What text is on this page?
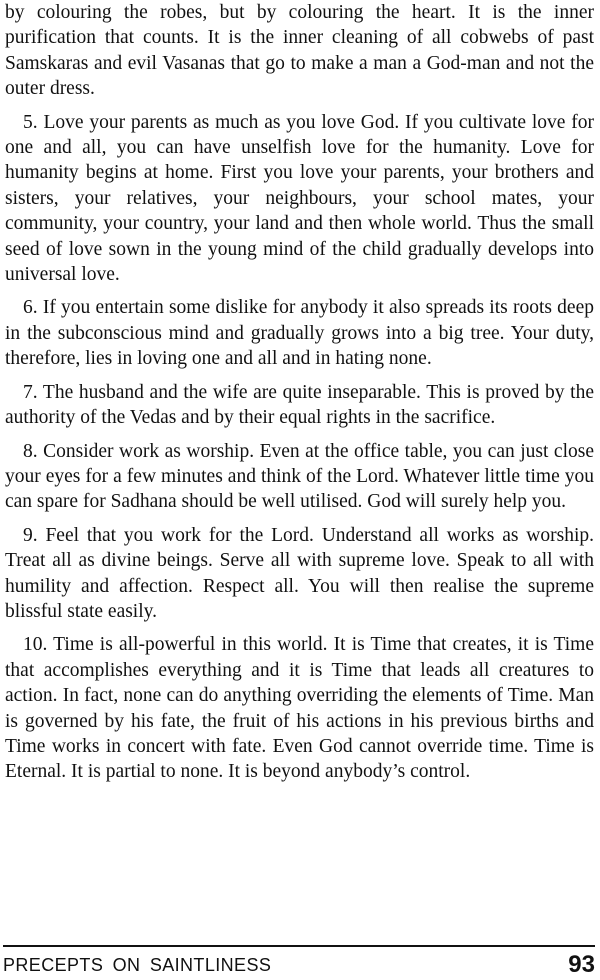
by colouring the robes, but by colouring the heart. It is the inner purification that counts. It is the inner cleaning of all cobwebs of past Samskaras and evil Vasanas that go to make a man a God-man and not the outer dress.

5. Love your parents as much as you love God. If you cultivate love for one and all, you can have unselfish love for the humanity. Love for humanity begins at home. First you love your parents, your brothers and sisters, your relatives, your neighbours, your school mates, your community, your country, your land and then whole world. Thus the small seed of love sown in the young mind of the child gradually develops into universal love.

6. If you entertain some dislike for anybody it also spreads its roots deep in the subconscious mind and gradually grows into a big tree. Your duty, therefore, lies in loving one and all and in hating none.

7. The husband and the wife are quite inseparable. This is proved by the authority of the Vedas and by their equal rights in the sacrifice.

8. Consider work as worship. Even at the office table, you can just close your eyes for a few minutes and think of the Lord. Whatever little time you can spare for Sadhana should be well utilised. God will surely help you.

9. Feel that you work for the Lord. Understand all works as worship. Treat all as divine beings. Serve all with supreme love. Speak to all with humility and affection. Respect all. You will then realise the supreme blissful state easily.

10. Time is all-powerful in this world. It is Time that creates, it is Time that accomplishes everything and it is Time that leads all creatures to action. In fact, none can do anything overriding the elements of Time. Man is governed by his fate, the fruit of his actions in his previous births and Time works in concert with fate. Even God cannot override time. Time is Eternal. It is partial to none. It is beyond anybody’s control.

PRECEPTS ON SAINTLINESS	93
